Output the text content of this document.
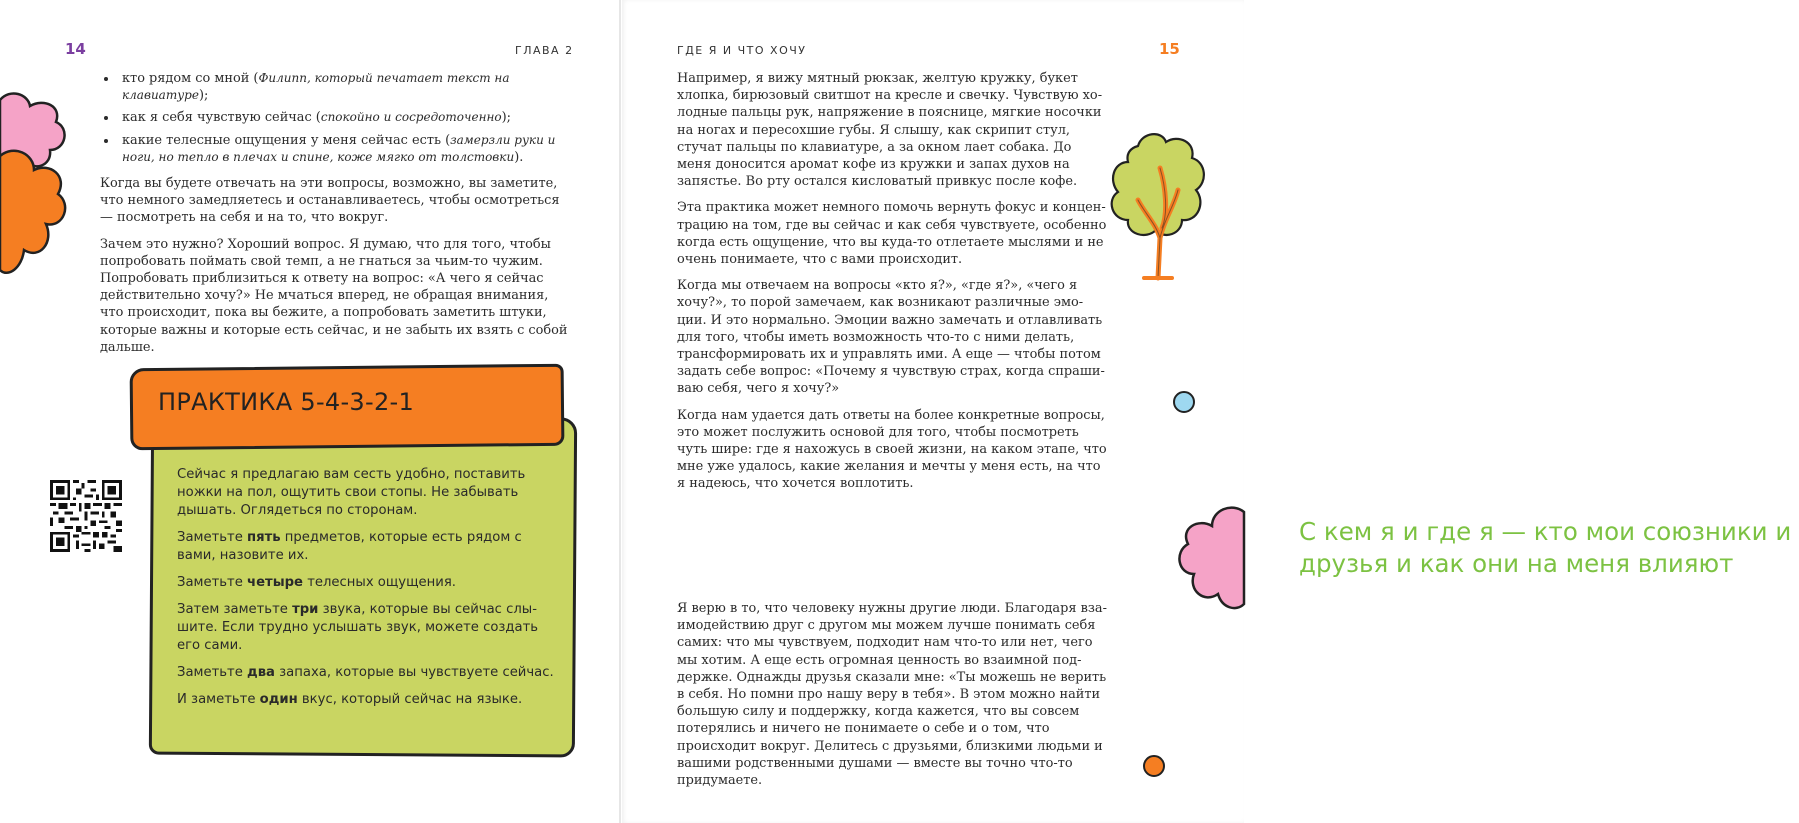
14	ГЛАВА 2
• кто рядом со мной (Филипп, который печатает текст на клавиатуре);
• как я себя чувствую сейчас (спокойно и сосредоточенно);
• какие телесные ощущения у меня сейчас есть (замерзли руки и ноги, но тепло в плечах и спине, коже мягко от толстовки).

Когда вы будете отвечать на эти вопросы, возможно, вы заметите, что немного замедляетесь и останавливаетесь, чтобы осмотреться — посмотреть на себя и на то, что вокруг.

Зачем это нужно? Хороший вопрос. Я думаю, что для того, чтобы попробовать поймать свой темп, а не гнаться за чьим-то чужим. Попробовать приблизиться к ответу на вопрос: «А чего я сейчас действительно хочу?» Не мчаться вперед, не обращая внимания, что происходит, пока вы бежите, а попробовать заметить штуки, которые важны и которые есть сейчас, и не забыть их взять с собой дальше.

ПРАКТИКА 5-4-3-2-1

Сейчас я предлагаю вам сесть удобно, поставить ножки на пол, ощутить свои стопы. Не забывать дышать. Оглядеться по сторонам.

Заметьте пять предметов, которые есть рядом с вами, назовите их.

Заметьте четыре телесных ощущения.

Затем заметьте три звука, которые вы сейчас слышите. Если трудно услышать звук, можете создать его сами.

Заметьте два запаха, которые вы чувствуете сейчас.

И заметьте один вкус, который сейчас на языке.

ГДЕ Я И ЧТО ХОЧУ	15

Например, я вижу мятный рюкзак, желтую кружку, букет хлопка, бирюзовый свитшот на кресле и свечку. Чувствую холодные пальцы рук, напряжение в пояснице, мягкие носочки на ногах и пересохшие губы. Я слышу, как скрипит стул, стучат пальцы по клавиатуре, а за окном лает собака. До меня доносится аромат кофе из кружки и запах духов на запястье. Во рту остался кисловатый привкус после кофе.

Эта практика может немного помочь вернуть фокус и концентрацию на том, где вы сейчас и как себя чувствуете, особенно когда есть ощущение, что вы куда-то отлетаете мыслями и не очень понимаете, что с вами происходит.

Когда мы отвечаем на вопросы «кто я?», «где я?», «чего я хочу?», то порой замечаем, как возникают различные эмоции. И это нормально. Эмоции важно замечать и отлавливать для того, чтобы иметь возможность что-то с ними делать, трансформировать их и управлять ими. А еще — чтобы потом задать себе вопрос: «Почему я чувствую страх, когда спрашиваю себя, чего я хочу?»

Когда нам удается дать ответы на более конкретные вопросы, это может послужить основой для того, чтобы посмотреть чуть шире: где я нахожусь в своей жизни, на каком этапе, что мне уже удалось, какие желания и мечты у меня есть, на что я надеюсь, что хочется воплотить.

Я верю в то, что человеку нужны другие люди. Благодаря взаимодействию друг с другом мы можем лучше понимать себя самих: что мы чувствуем, подходит нам что-то или нет, чего мы хотим. А еще есть огромная ценность во взаимной поддержке. Однажды друзья сказали мне: «Ты можешь не верить в себя. Но помни про нашу веру в тебя». В этом можно найти большую силу и поддержку, когда кажется, что вы совсем потерялись и ничего не понимаете о себе и о том, что происходит вокруг. Делитесь с друзьями, близкими людьми и вашими родственными душами — вместе вы точно что-то придумаете.

С кем я и где я — кто мои союзники и друзья и как они на меня влияют
